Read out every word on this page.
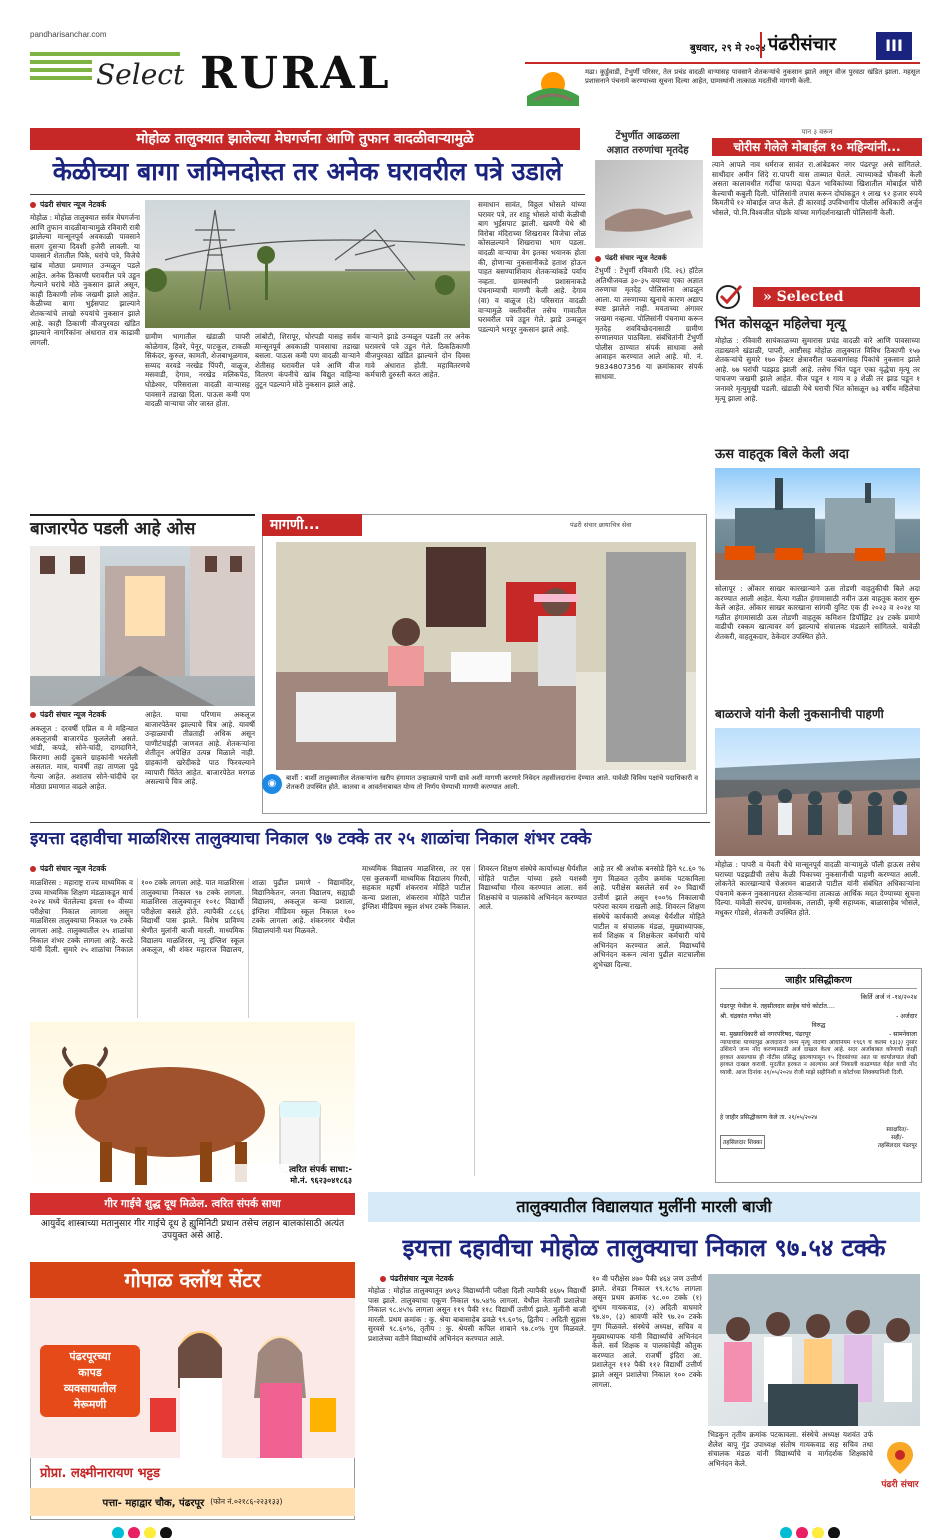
pandharisanchar.com
Select RURAL	बुधवार, २९ मे २०२४ पंढरीसंचार	III
मढा। कुर्डुवाडी, टेंभुर्णी परिसर, तेल प्रचंड वादळी वाऱ्यासह पावसाने शेतकऱ्यांचे नुकसान झाले असून वीज पुरवठा खंडित झाला. महसूल प्रशासनाने पंचनामे करण्याच्या सूचना दिल्या आहेत, ग्रामस्थांनी तात्काळ मदतीची मागणी केली.
मोहोळ तालुक्यात झालेल्या मेघगर्जना आणि तुफान वादळीवाऱ्यामुळे
केळीच्या बागा जमिनदोस्त तर अनेक घरावरील पत्रे उडाले
पंढरी संचार न्यूज नेटवर्क
मोहोळ : मोहोळ तालुक्यात सर्वत्र मेघगर्जना आणि तुफान वादळीवाऱ्यामुळे रविवारी रात्री झालेल्या मान्सूनपूर्व अवकाळी पावसाने सलग दुसऱ्या दिवशी हजेरी लावली. या पावसाने शेतातील पिके, घरांचे पत्रे, विजेचे खांब मोठ्या प्रमाणात उन्मळून पडले आहेत. अनेक ठिकाणी घरावरील पत्रे उडून गेल्याने घरांचे मोठे नुकसान झाले असून, काही ठिकाणी लोक जखमी झाले आहेत. केळीच्या बागा भुईसपाट झाल्याने शेतकऱ्यांचे लाखो रुपयांचे नुकसान झाले आहे. काही ठिकाणी वीजपुरवठा खंडित झाल्याने नागरिकांना अंधारात रात्र काढावी लागली.
ग्रामीण भागातील खंडाळी पापरी कोळेगाव, हिवरे, पेनूर, पाटकूल, टाकळी सिकंदर, कुरुल, कामती, शेजबाभूळगाव, सय्यद वरवडे नरखेड पिंपरी, वाळूज, मसवाडी, देगाव, नरखेड मलिकपेठ, घोडेश्वर, परिसराला वादळी वाऱ्यासह पावसाने तडाखा दिला. पाऊस कमी पण वादळी वाऱ्याचा जोर जास्त होता.
लांबोटी, शिरापूर, घोरपडी यासह सर्वत्र मान्सूनपूर्व अवकाळी पावसाचा तडाखा बसला. पाऊस कमी पण वादळी वाऱ्याने शेतीसह घरावरील पत्रे आणि वीज वितरण कंपनीचे खांब विद्युत वाहिन्या तुटून पडल्याने मोठे नुकसान झाले आहे.
वाऱ्याने झाडे उन्मळून पडली तर अनेक घरावरचे पत्रे उडून गेले. ठिकठिकाणी वीजपुरवठा खंडित झाल्याने दोन दिवस गावे अंधारात होती. महावितरणचे कर्मचारी दुरुस्ती करत आहेत.
समाधान सावंत, विठ्ठल भोसले यांच्या घरावर पत्रे, तर शाहू भोसले यांची केळीची बाग भुईसपाट झाली. खवणी येथे श्री विरोबा मंदिराच्या शिखरावर विजेचा लोळ कोसळल्याने शिखराचा भाग पडला. वादळी वाऱ्याचा वेग इतका भयानक होता की, होणाऱ्या नुकसानीकडे हताश होऊन पाहत बसण्याशिवाय शेतकऱ्यांकडे पर्याय नव्हता. ग्रामस्थांनी प्रशासनाकडे पंचनाम्याची मागणी केली आहे. देगाव (वा) व वाळूज (दे) परिसरात वादळी वाऱ्यामुळे वस्तीवरील तसेच गावातील घरावरील पत्रे उडून गेले. झाडे उन्मळून पडल्याने भरपूर नुकसान झाले आहे.
टेंभुर्णीत आढळला
अज्ञात तरुणांचा मृतदेह
पंढरी संचार न्यूज नेटवर्क
टेंभुर्णी : टेंभुर्णी रविवारी (दि. २६) हॉटेल अतिथीजवळ ३०-३५ वयाच्या एका अज्ञात तरुणाचा मृतदेह पोलिसांना आढळून आला. या तरुणाच्या खुनाचे कारण अद्याप स्पष्ट झालेले नाही. मयताच्या अंगावर जखमा नव्हत्या. पोलिसांनी पंचनामा करून मृतदेह शवविच्छेदनासाठी ग्रामीण रुग्णालयात पाठविला. संबंधितांनी टेंभुर्णी पोलीस ठाण्यात संपर्क साधावा असे आवाहन करण्यात आले आहे. मो. नं. 9834807356 या क्रमांकावर संपर्क साधावा.
पान ३ वरून
चोरीस गेलेले मोबाईल १० महिन्यांनी...
त्याने आपले नाव धर्मराज सावंत रा.आंबेडकर नगर पंढरपूर असे सांगितले. साथीदार अमीन शिंदे रा.पापरी यास ताब्यात घेतले. त्याच्याकडे चौकशी केली असता कालावधीत गर्दीचा फायदा घेऊन भाविकांच्या खिशातील मोबाईल चोरी केल्याची कबुली दिली. पोलिसांनी तपास करून दोघांकडून १ लाख ९२ हजार रुपये किमतीचे १२ मोबाईल जप्त केले. ही कारवाई उपविभागीय पोलीस अधिकारी अर्जुन भोसले, पो.नि.विश्वजीत घोडके यांच्या मार्गदर्शनाखाली पोलिसांनी केली.
» Selected
भिंत कोसळून महिलेचा मृत्यू
मोहोळ : रविवारी सायंकाळच्या सुमारास प्रचंड वादळी वारे आणि पावसाच्या तडाख्याने खंडाळी, पापरी, आष्टीसह मोहोळ तालुक्यात विविध ठिकाणी १५७ शेतकऱ्यांचे सुमारे १७० हेक्टर क्षेत्रावरील फळबागांसह पिकांचे नुकसान झाले आहे. ७७ घरांची पडझड झाली आहे. तसेच भिंत पडून एका वृद्धेचा मृत्यू तर पाचजण जखमी झाले आहेत. वीज पडून १ गाय व ३ शेळी तर झाड पडून १ जनावरे मृत्युमुखी पडली. खंडाळी येथे घराची भिंत कोसळून ७३ वर्षीय महिलेचा मृत्यू झाला आहे.
ऊस वाहतूक बिले केली अदा
सोलापूर : ओंकार साखर कारखान्याने ऊस तोडणी वाहतुकीची बिले अदा करण्यात आली आहेत. येत्या गळीत हंगामासाठी नवीन ऊस वाहतूक करार सुरू केले आहेत. ओंकार साखर कारखाना सांगवी युनिट एक ही २०२३ व २०२४ या गळीत हंगामासाठी ऊस तोडणी वाहतूक कमिशन डिपॉझिट ३४ टक्के प्रमाणे वाढीची रक्कम खात्यावर वर्ग झाल्याचे संचालक मंडळाने सांगितले. यावेळी शेतकरी, वाहतूकदार, ठेकेदार उपस्थित होते.
बाळराजे यांनी केली नुकसानीची पाहणी
मोहोळ : पापरी व येवती येथे मान्सूनपूर्व वादळी वाऱ्यामुळे पॉली हाऊस तसेच घराच्या पडझडीची तसेच केळी पिकाच्या नुकसानीची पाहणी करण्यात आली. लोकनेते कारखान्याचे चेअरमन बाळराजे पाटील यांनी संबंधित अधिकाऱ्यांना पंचनामे करून नुकसानग्रस्त शेतकऱ्यांना तात्काळ आर्थिक मदत देण्याच्या सूचना दिल्या. यावेळी सरपंच, ग्रामसेवक, तलाठी, कृषी सहाय्यक, बाळासाहेब भोसले, मधुकर गोडसे, शेतकरी उपस्थित होते.
बाजारपेठ पडली आहे ओस
पंढरी संचार न्यूज नेटवर्क
अकलूज : दरवर्षी एप्रिल व मे महिन्यात अकलूजची बाजारपेठ फुललेली असते. भांडी, कपडे, सोने-चांदी, दागदागिने, किराणा आदी दुकाने ग्राहकांनी भरलेली असतात. मात्र, यावर्षी तहा ताणला पुढे गेल्या आहेत. अशातच सोने-चांदीचे दर मोठ्या प्रमाणात वाढले आहेत.
आहेत. याचा परिणाम अकलूज बाजारपेठेवर झाल्याचे चित्र आहे. यावर्षी उन्हाळ्याची तीव्रताही अधिक असून पाणीटंचाईही जाणवत आहे. शेतकऱ्यांना शेतीतून अपेक्षित उत्पन्न मिळाले नाही. ग्राहकांनी खरेदीकडे पाठ फिरवल्याने व्यापारी चिंतेत आहेत. बाजारपेठेत मरगळ असल्याचे चित्र आहे.
मागणी...	पंढरी संचार छायाचित्र सेवा
◉	बार्शी : बार्शी तालुक्यातील शेतकऱ्यांना खरीप हंगामात उन्हाळ्याचे पाणी द्यावे अशी मागणी करणारे निवेदन तहसीलदारांना देण्यात आले. यावेळी विविध पक्षांचे पदाधिकारी व शेतकरी उपस्थित होते. कालवा व आवर्तनाबाबत योग्य तो निर्णय घेण्याची मागणी करण्यात आली.
इयत्ता दहावीचा माळशिरस तालुक्याचा निकाल ९७ टक्के तर २५ शाळांचा निकाल शंभर टक्के
पंढरी संचार न्यूज नेटवर्क
माळशिरस : महाराष्ट्र राज्य माध्यमिक व उच्च माध्यमिक शिक्षण मंडळाकडून मार्च २०२४ मध्ये घेतलेल्या इयत्ता १० वीच्या परीक्षेचा निकाल लागला असून माळशिरस तालुक्याचा निकाल ९७ टक्के लागला आहे. तालुक्यातील २५ शाळांचा निकाल शंभर टक्के लागला आहे. करडे यांनी दिली. सुमारे २५ शाळांचा निकाल १०० टक्के लागला आहे. यात माळशिरस तालुक्याचा निकाल ९७ टक्के लागला. माळशिरस तालुक्यातून १०१८ विद्यार्थी परीक्षेला बसले होते. त्यापैकी ८८६६ विद्यार्थी पास झाले. विशेष प्राविण्य श्रेणीत मुलांनी बाजी मारली. माध्यमिक विद्यालय माळशिरस, न्यू इंग्लिश स्कूल अकलूज, श्री शंकर महाराज विद्यालय, शाळा पुढील प्रमाणे - विद्यामंदिर, विद्यानिकेतन, जनता विद्यालय, सह्याद्री विद्यालय, अकलूज कन्या प्रशाला, इंग्लिश मीडियम स्कूल निकाल १०० टक्के लागला आहे. शंकरनगर येथील विद्यालयांनी यश मिळवले.
माध्यमिक विद्यालय माळशिरस, तर एस एस कुलकर्णी माध्यमिक विद्यालय गिरवी, सहकार महर्षी शंकरराव मोहिते पाटील कन्या प्रशाला, शंकरराव मोहिते पाटील इंग्लिश मीडियम स्कूल शंभर टक्के निकाल. शिवरत्न शिक्षण संस्थेचे कार्याध्यक्ष धैर्यशील मोहिते पाटील यांच्या हस्ते यशस्वी विद्यार्थ्यांचा गौरव करण्यात आला. सर्व शिक्षकांचे व पालकांचे अभिनंदन करण्यात आले.
आहे तर श्री अशोक बनसोडे हिने ९८.६० % गुण मिळवत तृतीय क्रमांक पटकाविला आहे. परीक्षेस बसलेले सर्व २० विद्यार्थी उत्तीर्ण झाले असून १००% निकालाची परंपरा कायम राखली आहे. शिवरत्न शिक्षण संस्थेचे कार्यकारी अध्यक्ष धैर्यशील मोहिते पाटील व संचालक मंडळ, मुख्याध्यापक, सर्व शिक्षक व शिक्षकेतर कर्मचारी यांचे अभिनंदन करण्यात आले. विद्यार्थ्यांचे अभिनंदन करून त्यांना पुढील वाटचालीस शुभेच्छा दिल्या.
त्वरित संपर्क साधा:-
मो.नं. ९६२३०४१८६३
गीर गाईचे शुद्ध दूध मिळेल. त्वरित संपर्क साधा
आयुर्वेद शास्त्राच्या मतानुसार गीर गाईचे दूध हे ह्युमिनिटी प्रधान तसेच लहान बालकांसाठी अत्यंत उपयुक्त असे आहे.
जाहीर प्रसिद्धीकरण
किर्ति अर्ज नं -१४/२०२४
पंढरपूर येथील मे. तहसीलदार साहेब यांचे कोर्टात....
श्री. चंद्रकांत गणेश मोरे	- अर्जदार
विरुद्ध
मा. मुख्याधिकारी सो नगरपरिषद, पंढरपूर	- सामनेवाला
न्यायाधीश यांच्यापुढे अर्जदाराने जन्म मृत्यू नोंदणी अधिनियम १९६९ चे कलम १३(३) नुसार उशिराने जन्म नोंद करण्यासाठी अर्ज दाखल केला आहे. सदर अर्जाबाबत कोणाची काही हरकत असल्यास ही नोटीस प्रसिद्ध झाल्यापासून १५ दिवसांच्या आत या कार्यालयात लेखी हरकत दाखल करावी. मुदतीत हरकत न आल्यास अर्ज निकाली काढण्यात येईल याची नोंद घ्यावी. आज दिनांक २१/०५/२०२४ रोजी माझे सहीनिशी व कोर्टाच्या शिक्क्यानिशी दिली.
हे जाहीर प्रसिद्धीकरण केले ता. २१/०५/२०२४
तहसिलदार शिक्का
स्वाक्षरित/-
सही/-
तहसिलदार पंढरपूर
तालुक्यातील विद्यालयात मुलींनी मारली बाजी
इयत्ता दहावीचा मोहोळ तालुक्याचा निकाल ९७.५४ टक्के
पंढरीसंचार न्यूज नेटवर्क
मोहोळ : मोहोळ तालुक्यातून ४७९३ विद्यार्थ्यांनी परीक्षा दिली त्यापैकी ४६७५ विद्यार्थी पास झाले. तालुक्याचा एकूण निकाल ९७.५४% लागला. येथील नेताजी प्रशालेचा निकाल ९८.४५% लागला असून ११९ पैकी ११८ विद्यार्थी उत्तीर्ण झाले. मुलींनी बाजी मारली. प्रथम क्रमांक : कु. श्रेया बाबासाहेब ढवळे ९९.६०%, द्वितीय : अदिती सुहास सुरवसे ९८.६०%, तृतीय : कु. श्रेयसी कपिल शाबाने ९७.८०% गुण मिळवले. प्रशालेच्या वतीने विद्यार्थ्यांचे अभिनंदन करण्यात आले.
१० वी परीक्षेस ४७० पैकी ४६४ जण उत्तीर्ण झाले. शेवडा निकाल ९९.१८% लागला असून प्रथम क्रमांक ९८.०० टक्के (१) शुभम गायकवाड, (२) अदिती वाघमारे ९७.४०, (३) श्रावणी कोरे ९७.२० टक्के गुण मिळवले. संस्थेचे अध्यक्ष, सचिव व मुख्याध्यापक यांनी विद्यार्थ्यांचे अभिनंदन केले. सर्व शिक्षक व पालकांचेही कौतुक करण्यात आले. राजर्षी इंदिरा आ. प्रशालेतून ११२ पैकी ११२ विद्यार्थी उत्तीर्ण झाले असून प्रशालेचा निकाल १०० टक्के लागला.
भिडकुन तृतीय क्रमांक पटकावला. संस्थेचे अध्यक्ष यशवंत उर्फ शैलेश बापू गुंड उपाध्यक्ष संतोष गायकवाड सह सचिव तथा संचालक मंडळ यांनी विद्यार्थ्यांचे व मार्गदर्शक शिक्षकांचे अभिनंदन केले.
पंढरी संचार
गोपाळ क्लॉथ सेंटर
पंढरपूरच्या
कापड
व्यवसायातील
मेरूमणी
प्रोप्रा. लक्ष्मीनारायण भट्टड
पत्ता- महाद्वार चौक, पंढरपूर (फोन नं.०२१८६-२२३१३३)
